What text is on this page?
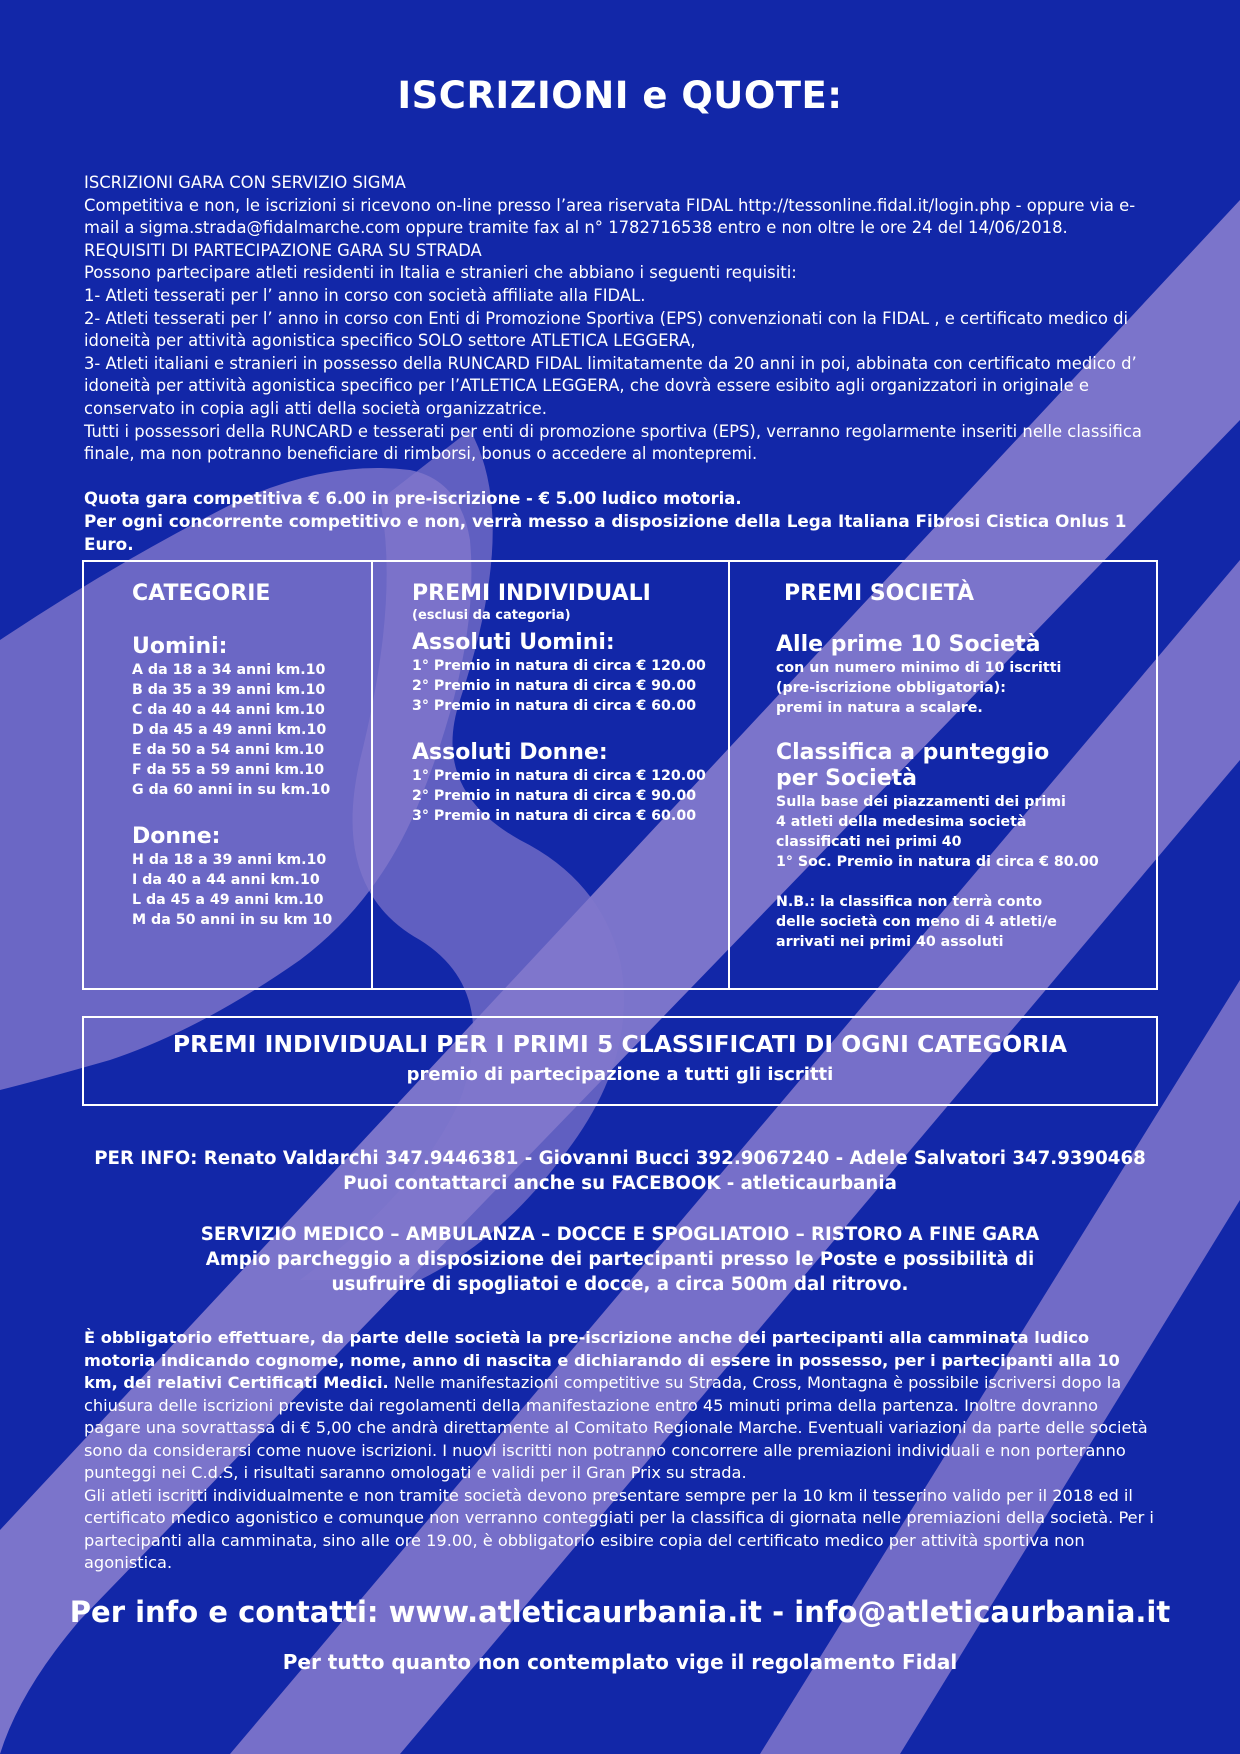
ISCRIZIONI e QUOTE:

ISCRIZIONI GARA CON SERVIZIO SIGMA

Competitiva e non, le iscrizioni si ricevono on-line presso l’area riservata FIDAL http://tessonline.fidal.it/login.php - oppure via e-mail a sigma.strada@fidalmarche.com oppure tramite fax al n° 1782716538 entro e non oltre le ore 24 del 14/06/2018.

REQUISITI DI PARTECIPAZIONE GARA SU STRADA

Possono partecipare atleti residenti in Italia e stranieri che abbiano i seguenti requisiti:

1- Atleti tesserati per l’ anno in corso con società affiliate alla FIDAL.

2- Atleti tesserati per l’ anno in corso con Enti di Promozione Sportiva (EPS) convenzionati con la FIDAL , e certificato medico di idoneità per attività agonistica specifico SOLO settore ATLETICA LEGGERA,

3- Atleti italiani e stranieri in possesso della RUNCARD FIDAL limitatamente da 20 anni in poi, abbinata con certificato medico d’ idoneità per attività agonistica specifico per l’ATLETICA LEGGERA, che dovrà essere esibito agli organizzatori in originale e conservato in copia agli atti della società organizzatrice.

Tutti i possessori della RUNCARD e tesserati per enti di promozione sportiva (EPS), verranno regolarmente inseriti nelle classifica finale, ma non potranno beneficiare di rimborsi, bonus o accedere al montepremi.

Quota gara competitiva € 6.00 in pre-iscrizione - € 5.00 ludico motoria.

Per ogni concorrente competitivo e non, verrà messo a disposizione della Lega Italiana Fibrosi Cistica Onlus 1 Euro.

CATEGORIE
Uomini:
A da 18 a 34 anni km.10
B da 35 a 39 anni km.10
C da 40 a 44 anni km.10
D da 45 a 49 anni km.10
E da 50 a 54 anni km.10
F da 55 a 59 anni km.10
G da 60 anni in su km.10
Donne:
H da 18 a 39 anni km.10
I da 40 a 44 anni km.10
L da 45 a 49 anni km.10
M da 50 anni in su km 10
PREMI INDIVIDUALI
(esclusi da categoria)
Assoluti Uomini:
1° Premio in natura di circa € 120.00
2° Premio in natura di circa € 90.00
3° Premio in natura di circa € 60.00
Assoluti Donne:
1° Premio in natura di circa € 120.00
2° Premio in natura di circa € 90.00
3° Premio in natura di circa € 60.00
PREMI SOCIETÀ
Alle prime 10 Società
con un numero minimo di 10 iscritti
(pre-iscrizione obbligatoria):
premi in natura a scalare.
Classifica a punteggio
per Società
Sulla base dei piazzamenti dei primi
4 atleti della medesima società
classificati nei primi 40
1° Soc. Premio in natura di circa € 80.00
N.B.: la classifica non terrà conto
delle società con meno di 4 atleti/e
arrivati nei primi 40 assoluti
PREMI INDIVIDUALI PER I PRIMI 5 CLASSIFICATI DI OGNI CATEGORIA
premio di partecipazione a tutti gli iscritti
PER INFO: Renato Valdarchi 347.9446381 - Giovanni Bucci 392.9067240 - Adele Salvatori 347.9390468
Puoi contattarci anche su FACEBOOK - atleticaurbania
SERVIZIO MEDICO – AMBULANZA – DOCCE E SPOGLIATOIO – RISTORO A FINE GARA
Ampio parcheggio a disposizione dei partecipanti presso le Poste e possibilità di
usufruire di spogliatoi e docce, a circa 500m dal ritrovo.

È obbligatorio effettuare, da parte delle società la pre-iscrizione anche dei partecipanti alla camminata ludico motoria indicando cognome, nome, anno di nascita e dichiarando di essere in possesso, per i partecipanti alla 10 km, dei relativi Certificati Medici. Nelle manifestazioni competitive su Strada, Cross, Montagna è possibile iscriversi dopo la chiusura delle iscrizioni previste dai regolamenti della manifestazione entro 45 minuti prima della partenza. Inoltre dovranno pagare una sovrattassa di € 5,00 che andrà direttamente al Comitato Regionale Marche. Eventuali variazioni da parte delle società sono da considerarsi come nuove iscrizioni. I nuovi iscritti non potranno concorrere alle premiazioni individuali e non porteranno punteggi nei C.d.S, i risultati saranno omologati e validi per il Gran Prix su strada.

Gli atleti iscritti individualmente e non tramite società devono presentare sempre per la 10 km il tesserino valido per il 2018 ed il certificato medico agonistico e comunque non verranno conteggiati per la classifica di giornata nelle premiazioni della società. Per i partecipanti alla camminata, sino alle ore 19.00, è obbligatorio esibire copia del certificato medico per attività sportiva non agonistica.

Per info e contatti: www.atleticaurbania.it - info@atleticaurbania.it
Per tutto quanto non contemplato vige il regolamento Fidal
